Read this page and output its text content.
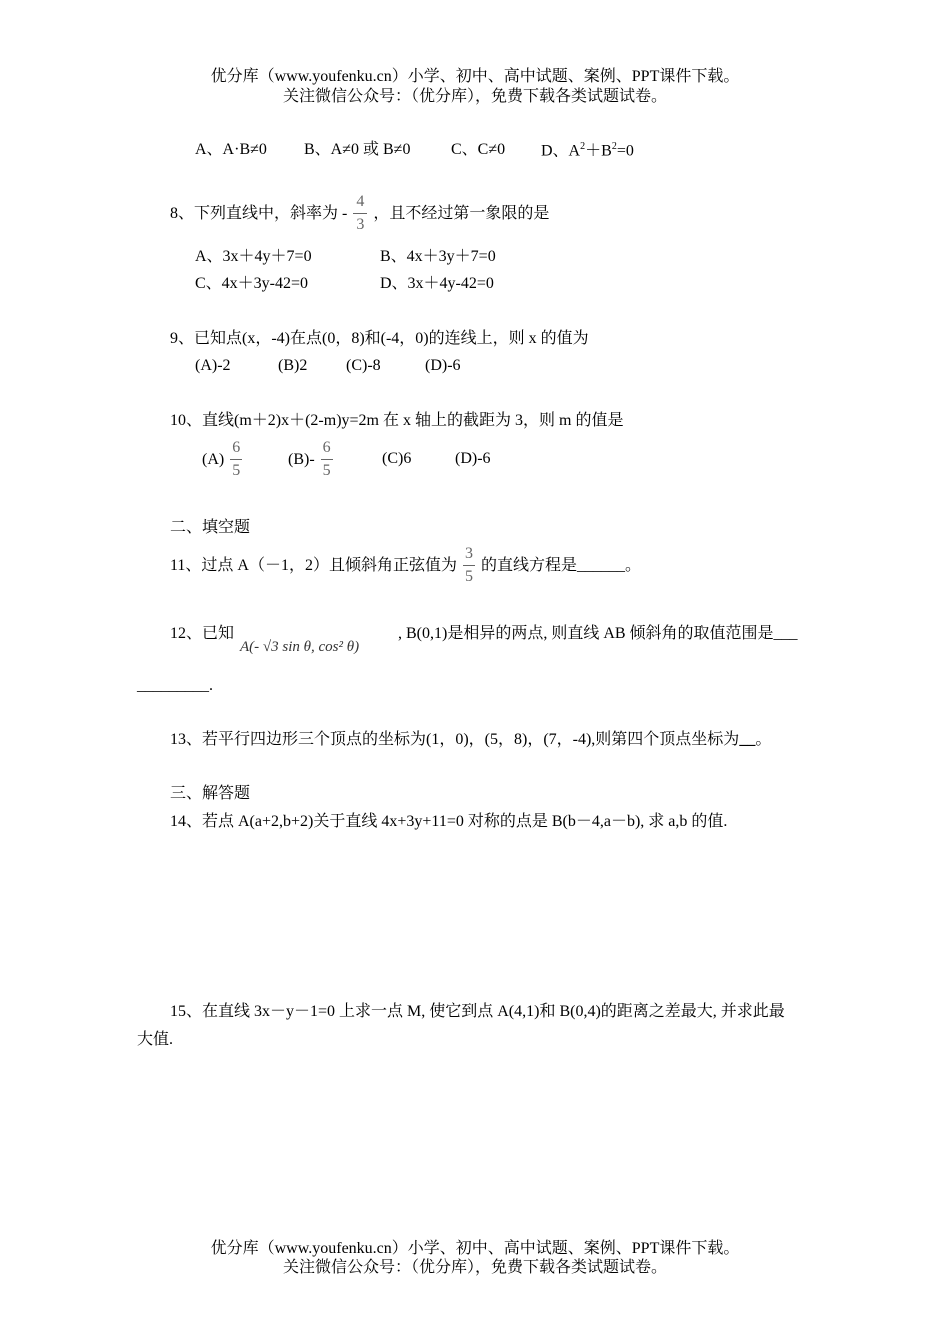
优分库（www.youfenku.cn）小学、初中、高中试题、案例、PPT课件下载。
关注微信公众号：（优分库），免费下载各类试题试卷。
A、A·B≠0 B、A≠0 或 B≠0	C、C≠0 D、$A^2+B^2=0$
8、下列直线中，斜率为 - $\frac{4}{3}$ ，且不经过第一象限的是
A、3x＋4y＋7=0	B、4x＋3y＋7=0
C、4x＋3y-42=0	D、3x＋4y-42=0
9、已知点(x，-4)在点(0，8)和(-4，0)的连线上，则 x 的值为
(A)-2	(B)2 (C)-8	(D)-6
10、直线(m＋2)x＋(2-m)y=2m 在 x 轴上的截距为 3，则 m 的值是
$(A) \frac{6}{5}$	$(B)- \frac{6}{5}$	(C)6	(D)-6
二、填空题
11、过点 A（－1，2）且倾斜角正弦值为 $\frac{3}{5}$ 的直线方程是______。
12、已知
A(- √3 sin θ, cos² θ)
, B(0,1)是相异的两点, 则直线 AB 倾斜角的取值范围是___
_________.
13、若平行四边形三个顶点的坐标为(1，0)，(5，8)，(7，-4),则第四个顶点坐标为__。
三、解答题
14、若点 A(a+2,b+2)关于直线 4x+3y+11=0 对称的点是 B(b－4,a－b), 求 a,b 的值.
15、在直线 3x－y－1=0 上求一点 M, 使它到点 A(4,1)和 B(0,4)的距离之差最大, 并求此最
大值.
优分库（www.youfenku.cn）小学、初中、高中试题、案例、PPT课件下载。
关注微信公众号：（优分库），免费下载各类试题试卷。
